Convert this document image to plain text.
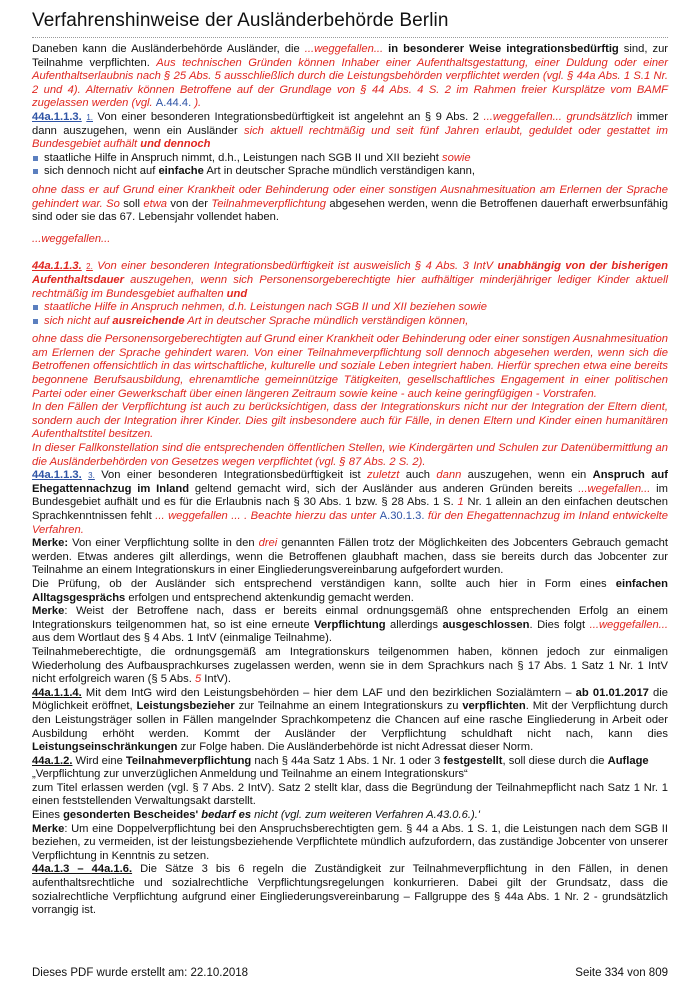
Verfahrenshinweise der Ausländerbehörde Berlin

Daneben kann die Ausländerbehörde Ausländer, die ...weggefallen... in besonderer Weise integrationsbedürftig sind, zur Teilnahme verpflichten. Aus technischen Gründen können Inhaber einer Aufenthaltsgestattung, einer Duldung oder einer Aufenthaltserlaubnis nach § 25 Abs. 5 ausschließlich durch die Leistungsbehörden verpflichtet werden (vgl. § 44a Abs. 1 S.1 Nr. 2 und 4). Alternativ können Betroffene auf der Grundlage von § 44 Abs. 4 S. 2 im Rahmen freier Kursplätze vom BAMF zugelassen werden (vgl. A.44.4. ).

44a.1.1.3. 1. Von einer besonderen Integrationsbedürftigkeit ist angelehnt an § 9 Abs. 2 ...weggefallen... grundsätzlich immer dann auszugehen, wenn ein Ausländer sich aktuell rechtmäßig und seit fünf Jahren erlaubt, geduldet oder gestattet im Bundesgebiet aufhält und dennoch

staatliche Hilfe in Anspruch nimmt, d.h., Leistungen nach SGB II und XII bezieht sowie

sich dennoch nicht auf einfache Art in deutscher Sprache mündlich verständigen kann,

ohne dass er auf Grund einer Krankheit oder Behinderung oder einer sonstigen Ausnahmesituation am Erlernen der Sprache gehindert war. So soll etwa von der Teilnahmeverpflichtung abgesehen werden, wenn die Betroffenen dauerhaft erwerbsunfähig sind oder sie das 67. Lebensjahr vollendet haben.

...weggefallen...

44a.1.1.3. 2. Von einer besonderen Integrationsbedürftigkeit ist ausweislich § 4 Abs. 3 IntV unabhängig von der bisherigen Aufenthaltsdauer auszugehen, wenn sich Personensorgeberechtigte hier aufhältiger minderjähriger lediger Kinder aktuell rechtmäßig im Bundesgebiet aufhalten und

staatliche Hilfe in Anspruch nehmen, d.h. Leistungen nach SGB II und XII beziehen sowie

sich nicht auf ausreichende Art in deutscher Sprache mündlich verständigen können,

ohne dass die Personensorgeberechtigten auf Grund einer Krankheit oder Behinderung oder einer sonstigen Ausnahmesituation am Erlernen der Sprache gehindert waren. Von einer Teilnahmeverpflichtung soll dennoch abgesehen werden, wenn sich die Betroffenen offensichtlich in das wirtschaftliche, kulturelle und soziale Leben integriert haben. Hierfür sprechen etwa eine bereits begonnene Berufsausbildung, ehrenamtliche gemeinnützige Tätigkeiten, gesellschaftliches Engagement in einer politischen Partei oder einer Gewerkschaft über einen längeren Zeitraum sowie keine - auch keine geringfügigen - Vorstrafen.

In den Fällen der Verpflichtung ist auch zu berücksichtigen, dass der Integrationskurs nicht nur der Integration der Eltern dient, sondern auch der Integration ihrer Kinder. Dies gilt insbesondere auch für Fälle, in denen Eltern und Kinder einen humanitären Aufenthaltstitel besitzen.

In dieser Fallkonstellation sind die entsprechenden öffentlichen Stellen, wie Kindergärten und Schulen zur Datenübermittlung an die Ausländerbehörden von Gesetzes wegen verpflichtet (vgl. § 87 Abs. 2 S. 2).

44a.1.1.3. 3. Von einer besonderen Integrationsbedürftigkeit ist zuletzt auch dann auszugehen, wenn ein Anspruch auf Ehegattennachzug im Inland geltend gemacht wird, sich der Ausländer aus anderen Gründen bereits ...wegefallen... im Bundesgebiet aufhält und es für die Erlaubnis nach § 30 Abs. 1 bzw. § 28 Abs. 1 S. 1 Nr. 1 allein an den einfachen deutschen Sprachkenntnissen fehlt ... weggefallen ... . Beachte hierzu das unter A.30.1.3. für den Ehegattennachzug im Inland entwickelte Verfahren.

Merke: Von einer Verpflichtung sollte in den drei genannten Fällen trotz der Möglichkeiten des Jobcenters Gebrauch gemacht werden. Etwas anderes gilt allerdings, wenn die Betroffenen glaubhaft machen, dass sie bereits durch das Jobcenter zur Teilnahme an einem Integrationskurs in einer Eingliederungsvereinbarung aufgefordert wurden.

Die Prüfung, ob der Ausländer sich entsprechend verständigen kann, sollte auch hier in Form eines einfachen Alltagsgesprächs erfolgen und entsprechend aktenkundig gemacht werden.

Merke: Weist der Betroffene nach, dass er bereits einmal ordnungsgemäß ohne entsprechenden Erfolg an einem Integrationskurs teilgenommen hat, so ist eine erneute Verpflichtung allerdings ausgeschlossen. Dies folgt ...weggefallen... aus dem Wortlaut des § 4 Abs. 1 IntV (einmalige Teilnahme).

Teilnahmeberechtigte, die ordnungsgemäß am Integrationskurs teilgenommen haben, können jedoch zur einmaligen Wiederholung des Aufbausprachkurses zugelassen werden, wenn sie in dem Sprachkurs nach § 17 Abs. 1 Satz 1 Nr. 1 IntV nicht erfolgreich waren (§ 5 Abs. 5 IntV).

44a.1.1.4. Mit dem IntG wird den Leistungsbehörden – hier dem LAF und den bezirklichen Sozialämtern – ab 01.01.2017 die Möglichkeit eröffnet, Leistungsbezieher zur Teilnahme an einem Integrationskurs zu verpflichten. Mit der Verpflichtung durch den Leistungsträger sollen in Fällen mangelnder Sprachkompetenz die Chancen auf eine rasche Eingliederung in Arbeit oder Ausbildung erhöht werden. Kommt der Ausländer der Verpflichtung schuldhaft nicht nach, kann dies Leistungseinschränkungen zur Folge haben. Die Ausländerbehörde ist nicht Adressat dieser Norm.

44a.1.2. Wird eine Teilnahmeverpflichtung nach § 44a Satz 1 Abs. 1 Nr. 1 oder 3 festgestellt, soll diese durch die Auflage

„Verpflichtung zur unverzüglichen Anmeldung und Teilnahme an einem Integrationskurs“

zum Titel erlassen werden (vgl. § 7 Abs. 2 IntV). Satz 2 stellt klar, dass die Begründung der Teilnahmepflicht nach Satz 1 Nr. 1 einen feststellenden Verwaltungsakt darstellt.

Eines gesonderten Bescheides' bedarf es nicht (vgl. zum weiteren Verfahren A.43.0.6.).'

Merke: Um eine Doppelverpflichtung bei den Anspruchsberechtigten gem. § 44 a Abs. 1 S. 1, die Leistungen nach dem SGB II beziehen, zu vermeiden, ist der leistungsbeziehende Verpflichtete mündlich aufzufordern, das zuständige Jobcenter von unserer Verpflichtung in Kenntnis zu setzen.

44a.1.3 – 44a.1.6. Die Sätze 3 bis 6 regeln die Zuständigkeit zur Teilnahmeverpflichtung in den Fällen, in denen aufenthaltsrechtliche und sozialrechtliche Verpflichtungsregelungen konkurrieren. Dabei gilt der Grundsatz, dass die sozialrechtliche Verpflichtung aufgrund einer Eingliederungsvereinbarung – Fallgruppe des § 44a Abs. 1 Nr. 2 - grundsätzlich vorrangig ist.

Dieses PDF wurde erstellt am: 22.10.2018	Seite 334 von 809
